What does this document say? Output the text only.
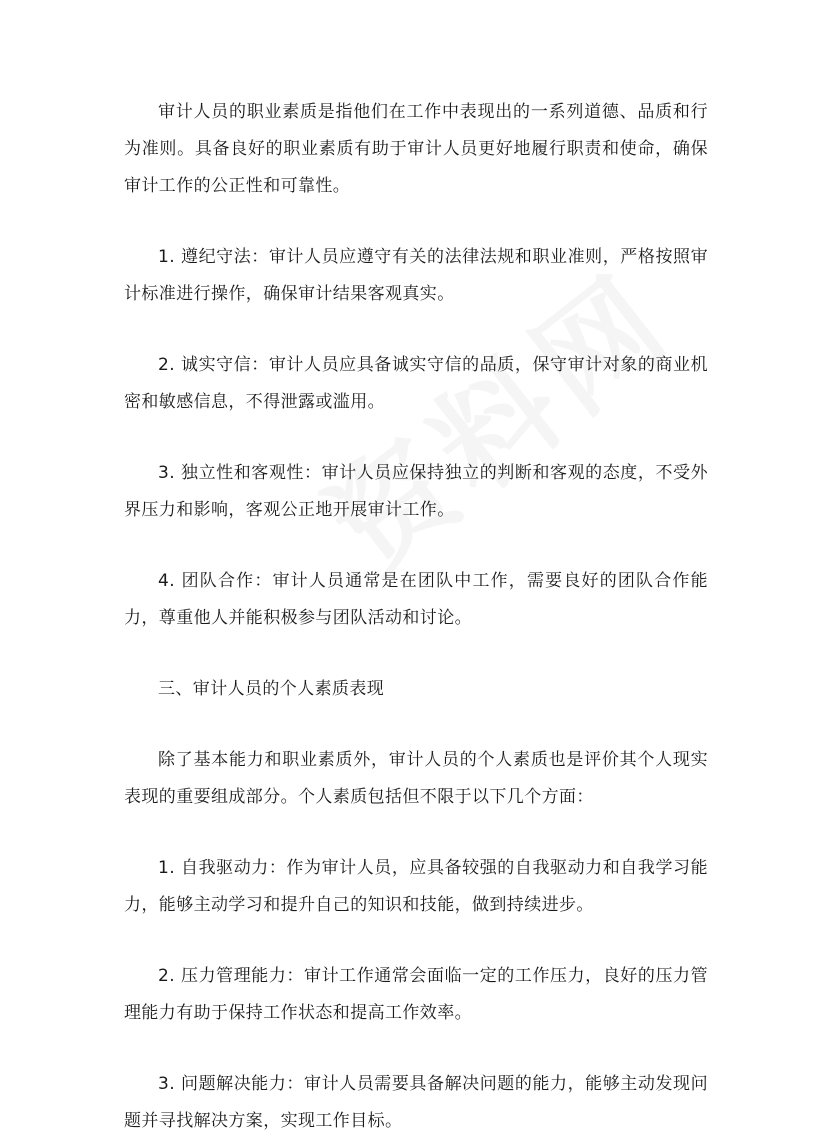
审计人员的职业素质是指他们在工作中表现出的一系列道德、品质和行为准则。具备良好的职业素质有助于审计人员更好地履行职责和使命，确保审计工作的公正性和可靠性。

1. 遵纪守法：审计人员应遵守有关的法律法规和职业准则，严格按照审计标准进行操作，确保审计结果客观真实。

2. 诚实守信：审计人员应具备诚实守信的品质，保守审计对象的商业机密和敏感信息，不得泄露或滥用。

3. 独立性和客观性：审计人员应保持独立的判断和客观的态度，不受外界压力和影响，客观公正地开展审计工作。

4. 团队合作：审计人员通常是在团队中工作，需要良好的团队合作能力，尊重他人并能积极参与团队活动和讨论。

三、审计人员的个人素质表现

除了基本能力和职业素质外，审计人员的个人素质也是评价其个人现实表现的重要组成部分。个人素质包括但不限于以下几个方面：

1. 自我驱动力：作为审计人员，应具备较强的自我驱动力和自我学习能力，能够主动学习和提升自己的知识和技能，做到持续进步。

2. 压力管理能力：审计工作通常会面临一定的工作压力，良好的压力管理能力有助于保持工作状态和提高工作效率。

3. 问题解决能力：审计人员需要具备解决问题的能力，能够主动发现问题并寻找解决方案，实现工作目标。
